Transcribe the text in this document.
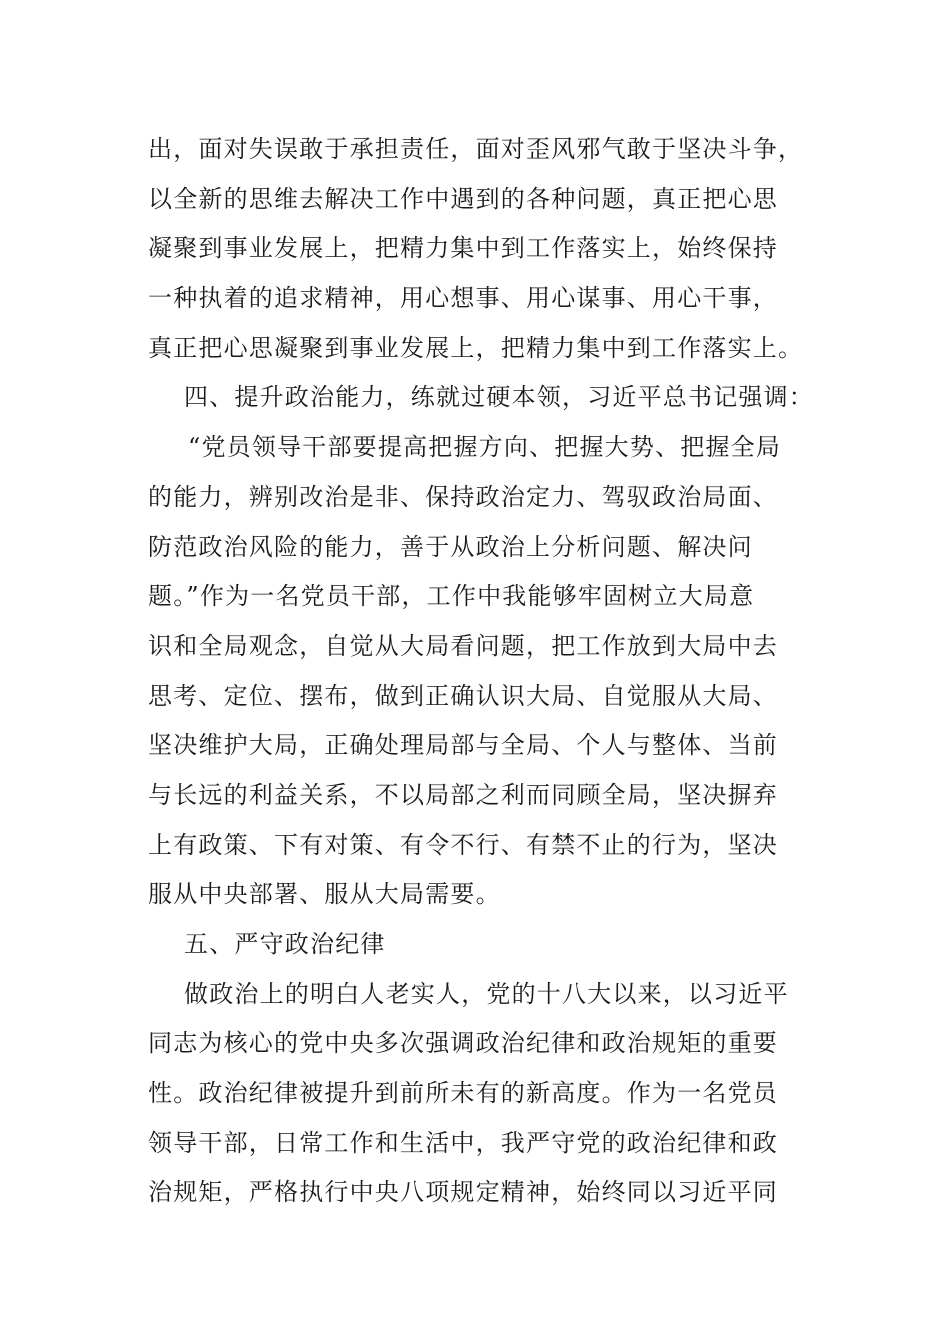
出，面对失误敢于承担责任，面对歪风邪气敢于坚决斗争，
以全新的思维去解决工作中遇到的各种问题，真正把心思
凝聚到事业发展上，把精力集中到工作落实上，始终保持
一种执着的追求精神，用心想事、用心谋事、用心干事，
真正把心思凝聚到事业发展上，把精力集中到工作落实上。
四、提升政治能力，练就过硬本领，习近平总书记强调：
“党员领导干部要提高把握方向、把握大势、把握全局
的能力，辨别改治是非、保持政治定力、驾驭政治局面、
防范政治风险的能力，善于从政治上分析问题、解决问
题。”作为一名党员干部，工作中我能够牢固树立大局意
识和全局观念，自觉从大局看问题，把工作放到大局中去
思考、定位、摆布，做到正确认识大局、自觉服从大局、
坚决维护大局，正确处理局部与全局、个人与整体、当前
与长远的利益关系，不以局部之利而同顾全局，坚决摒弃
上有政策、下有对策、有令不行、有禁不止的行为，坚决
服从中央部署、服从大局需要。
五、严守政治纪律
做政治上的明白人老实人，党的十八大以来，以习近平
同志为核心的党中央多次强调政治纪律和政治规矩的重要
性。政治纪律被提升到前所未有的新高度。作为一名党员
领导干部，日常工作和生活中，我严守党的政治纪律和政
治规矩，严格执行中央八项规定精神，始终同以习近平同
